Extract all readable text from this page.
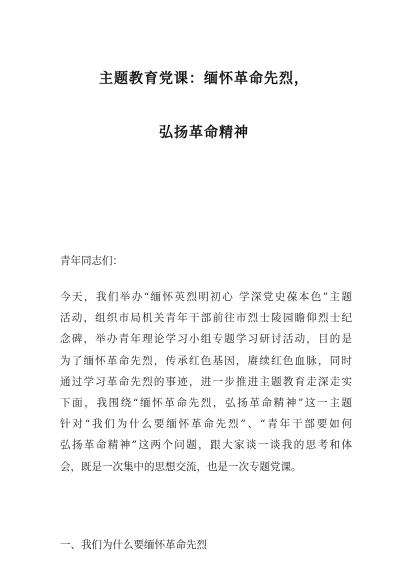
主题教育党课：缅怀革命先烈，
弘扬革命精神
青年同志们：
今天，我们举办“缅怀英烈明初心 学深党史葆本色”主题
活动，组织市局机关青年干部前往市烈士陵园瞻仰烈士纪
念碑，举办青年理论学习小组专题学习研讨活动，目的是
为了缅怀革命先烈，传承红色基因，赓续红色血脉，同时
通过学习革命先烈的事迹，进一步推进主题教育走深走实
下面，我围绕“缅怀革命先烈，弘扬革命精神”这一主题
针对“我们为什么要缅怀革命先烈”、“青年干部要如何
弘扬革命精神”这两个问题，跟大家谈一谈我的思考和体
会，既是一次集中的思想交流，也是一次专题党课。
一、我们为什么要缅怀革命先烈
